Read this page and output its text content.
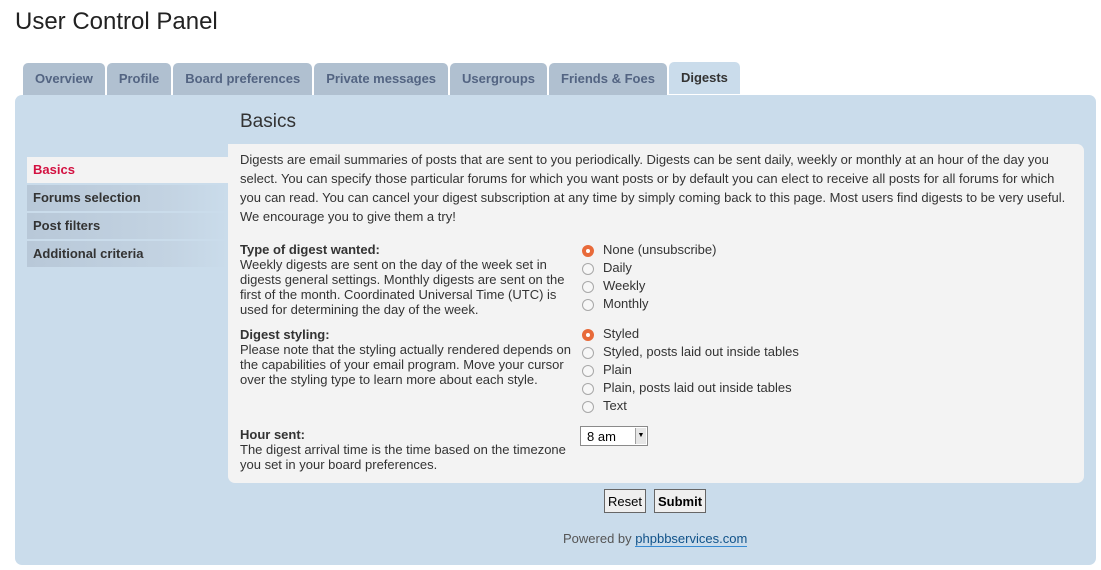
User Control Panel
Overview	Profile	Board preferences	Private messages	Usergroups	Friends & Foes	Digests
Basics
Forums selection
Post filters
Additional criteria
Basics

Digests are email summaries of posts that are sent to you periodically. Digests can be sent daily, weekly or monthly at an hour of the day you select. You can specify those particular forums for which you want posts or by default you can elect to receive all posts for all forums for which you can read. You can cancel your digest subscription at any time by simply coming back to this page. Most users find digests to be very useful. We encourage you to give them a try!

Type of digest wanted:
Weekly digests are sent on the day of the week set in digests general settings. Monthly digests are sent on the first of the month. Coordinated Universal Time (UTC) is used for determining the day of the week.
None (unsubscribe)
Daily
Weekly
Monthly
Digest styling:
Please note that the styling actually rendered depends on the capabilities of your email program. Move your cursor over the styling type to learn more about each style.
Styled
Styled, posts laid out inside tables
Plain
Plain, posts laid out inside tables
Text
Hour sent:
The digest arrival time is the time based on the timezone you set in your board preferences.
8 am	▼
Reset	Submit
Powered by phpbbservices.com
